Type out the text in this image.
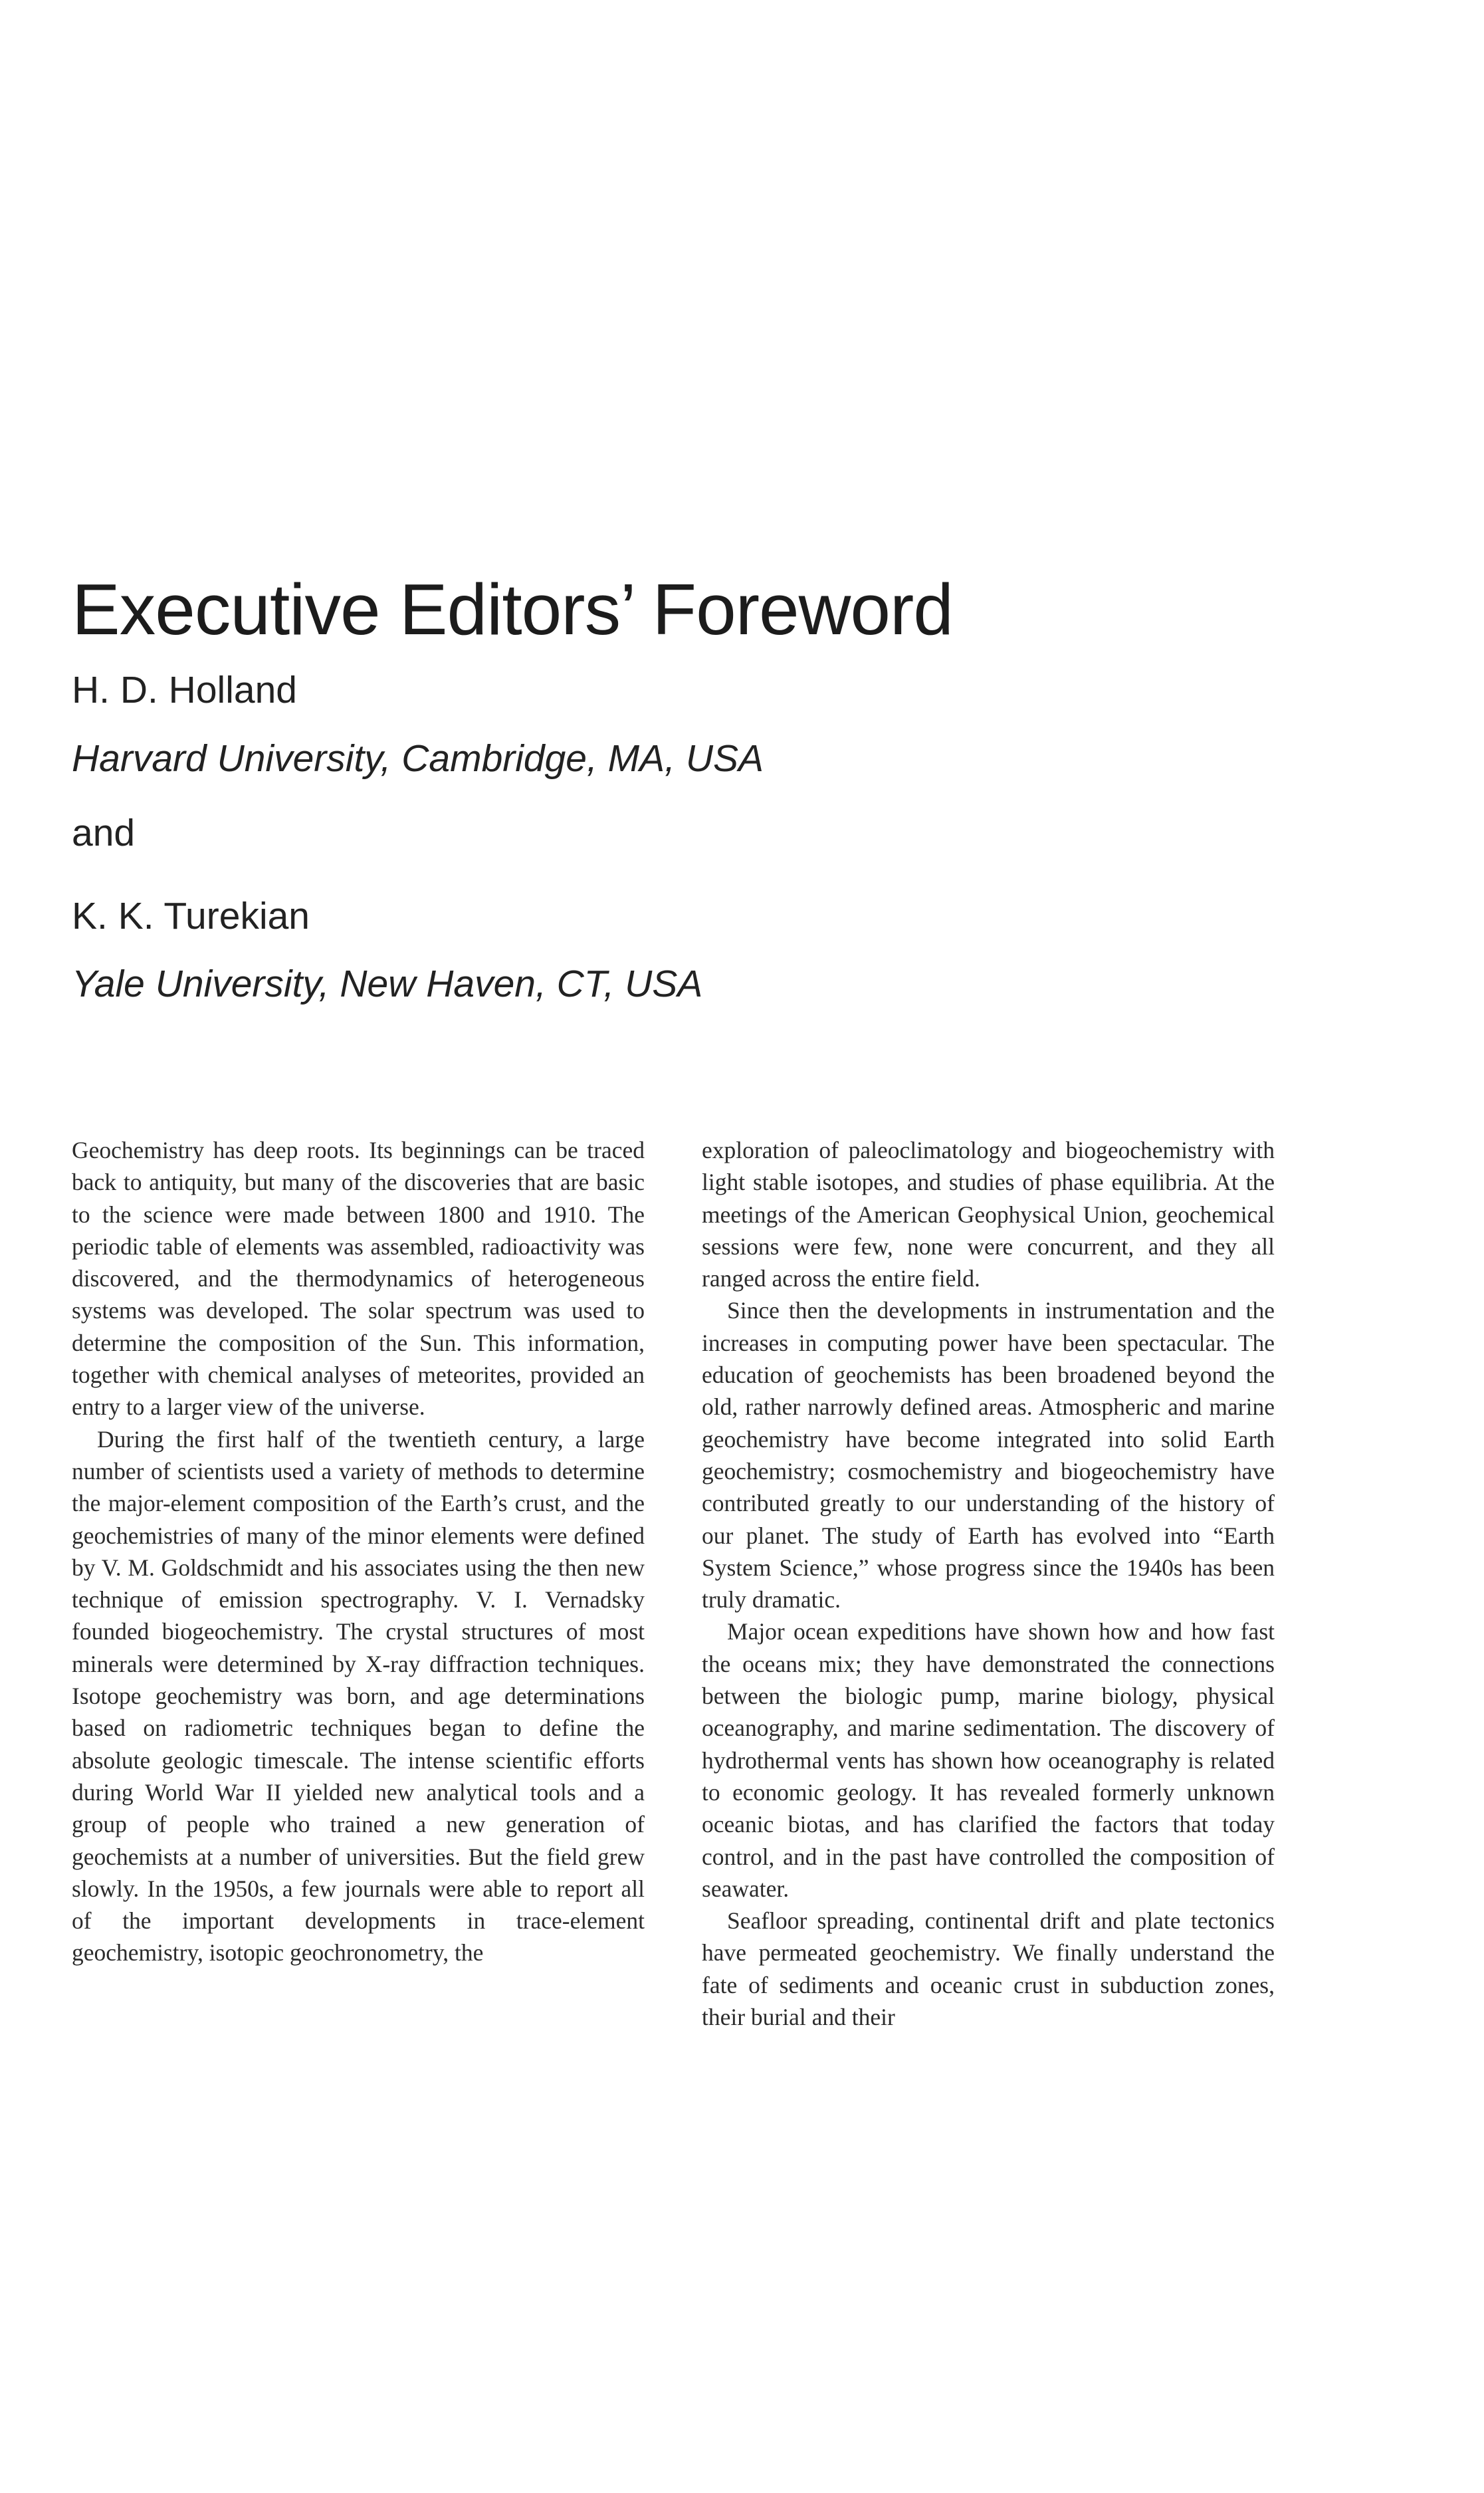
Executive Editors’ Foreword
H. D. Holland
Harvard University, Cambridge, MA, USA
and
K. K. Turekian
Yale University, New Haven, CT, USA

Geochemistry has deep roots. Its beginnings can be traced back to antiquity, but many of the discoveries that are basic to the science were made between 1800 and 1910. The periodic table of elements was assembled, radioactivity was discovered, and the thermodynamics of heterogeneous systems was developed. The solar spectrum was used to determine the composition of the Sun. This information, together with chemical analyses of meteorites, provided an entry to a larger view of the universe.

During the first half of the twentieth century, a large number of scientists used a variety of methods to determine the major-element composition of the Earth’s crust, and the geochemistries of many of the minor elements were defined by V. M. Goldschmidt and his associates using the then new technique of emission spectrography. V. I. Vernadsky founded biogeochemistry. The crystal structures of most minerals were determined by X-ray diffraction techniques. Isotope geochemistry was born, and age determinations based on radiometric techniques began to define the absolute geologic timescale. The intense scientific efforts during World War II yielded new analytical tools and a group of people who trained a new generation of geochemists at a number of universities. But the field grew slowly. In the 1950s, a few journals were able to report all of the important developments in trace-element geochemistry, isotopic geochronometry, the

exploration of paleoclimatology and biogeochemistry with light stable isotopes, and studies of phase equilibria. At the meetings of the American Geophysical Union, geochemical sessions were few, none were concurrent, and they all ranged across the entire field.

Since then the developments in instrumentation and the increases in computing power have been spectacular. The education of geochemists has been broadened beyond the old, rather narrowly defined areas. Atmospheric and marine geochemistry have become integrated into solid Earth geochemistry; cosmochemistry and biogeochemistry have contributed greatly to our understanding of the history of our planet. The study of Earth has evolved into “Earth System Science,” whose progress since the 1940s has been truly dramatic.

Major ocean expeditions have shown how and how fast the oceans mix; they have demonstrated the connections between the biologic pump, marine biology, physical oceanography, and marine sedimentation. The discovery of hydrothermal vents has shown how oceanography is related to economic geology. It has revealed formerly unknown oceanic biotas, and has clarified the factors that today control, and in the past have controlled the composition of seawater.

Seafloor spreading, continental drift and plate tectonics have permeated geochemistry. We finally understand the fate of sediments and oceanic crust in subduction zones, their burial and their
